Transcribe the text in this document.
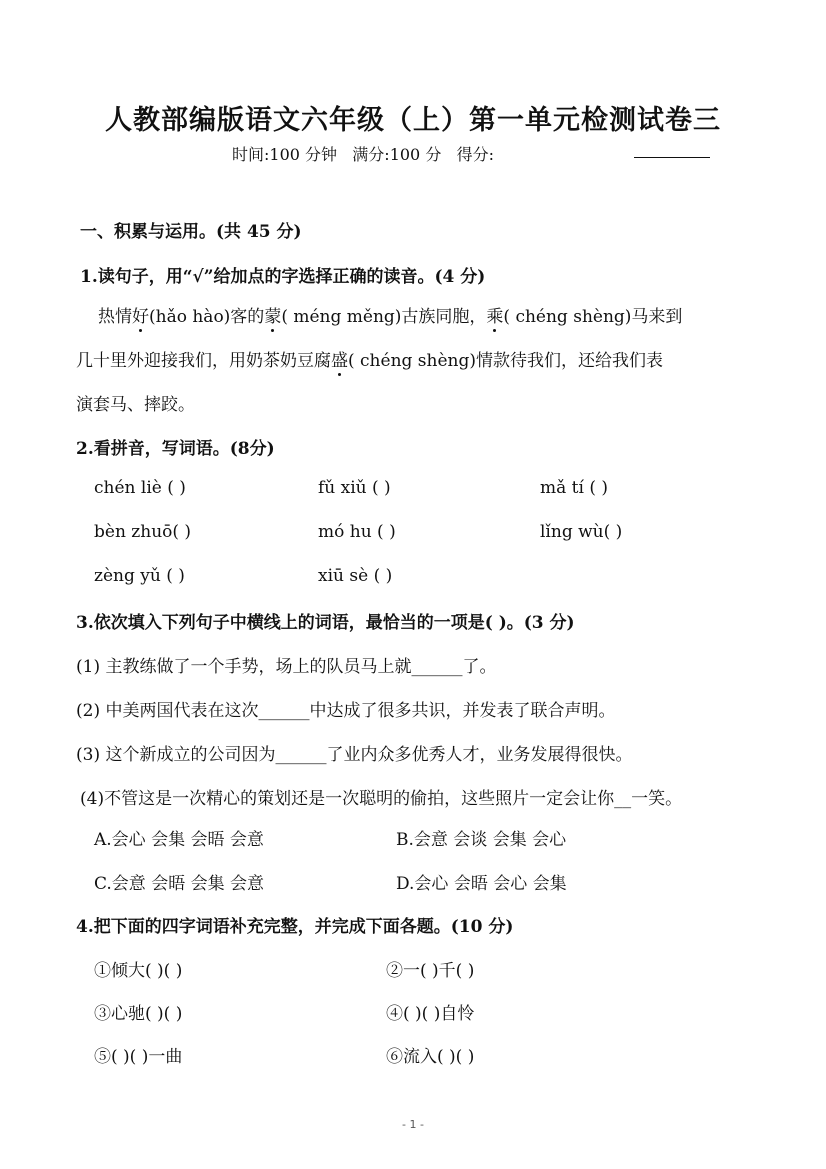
人教部编版语文六年级（上）第一单元检测试卷三
时间:100 分钟 满分:100 分 得分:
一、积累与运用。(共 45 分)
1.读句子，用“√”给加点的字选择正确的读音。(4 分)
热情好(hǎo hào)客的蒙( méng měng)古族同胞，乘( chéng shèng)马来到
几十里外迎接我们，用奶茶奶豆腐盛( chéng shèng)情款待我们，还给我们表
演套马、摔跤。
2.看拼音，写词语。(8分)
chén liè ( )	fǔ xiǔ ( )	mǎ tí ( )
bèn zhuō( )	mó hu ( )	lǐng wù( )
zèng yǔ ( )	xiū sè ( )
3.依次填入下列句子中横线上的词语，最恰当的一项是( )。(3 分)
(1) 主教练做了一个手势，场上的队员马上就______了。
(2) 中美两国代表在这次______中达成了很多共识，并发表了联合声明。
(3) 这个新成立的公司因为______了业内众多优秀人才，业务发展得很快。
(4)不管这是一次精心的策划还是一次聪明的偷拍，这些照片一定会让你__一笑。
A.会心 会集 会晤 会意	B.会意 会谈 会集 会心
C.会意 会晤 会集 会意	D.会心 会晤 会心 会集
4.把下面的四字词语补充完整，并完成下面各题。(10 分)
①倾大( )( )	②一( )千( )
③心驰( )( )	④( )( )自怜
⑤( )( )一曲	⑥流入( )( )
- 1 -
